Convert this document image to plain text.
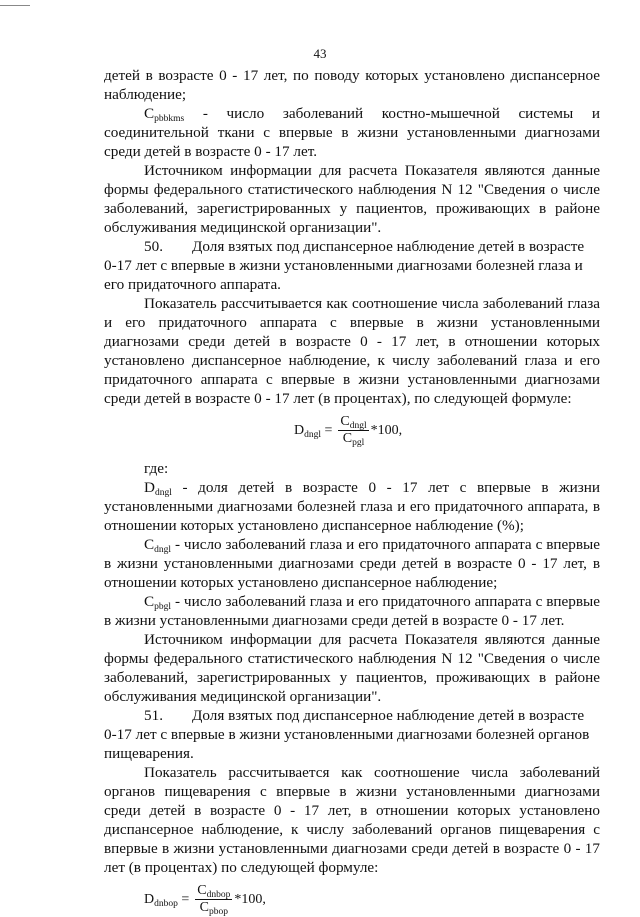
43

детей в возрасте 0 - 17 лет, по поводу которых установлено диспансерное наблюдение;

$C_{pbbkms}$ - число заболеваний костно-мышечной системы и соединительной ткани с впервые в жизни установленными диагнозами среди детей в возрасте 0 - 17 лет.

Источником информации для расчета Показателя являются данные формы федерального статистического наблюдения N 12 "Сведения о числе заболеваний, зарегистрированных у пациентов, проживающих в районе обслуживания медицинской организации".

50. Доля взятых под диспансерное наблюдение детей в возрасте 0-17 лет с впервые в жизни установленными диагнозами болезней глаза и его придаточного аппарата.

Показатель рассчитывается как соотношение числа заболеваний глаза и его придаточного аппарата с впервые в жизни установленными диагнозами среди детей в возрасте 0 - 17 лет, в отношении которых установлено диспансерное наблюдение, к числу заболеваний глаза и его придаточного аппарата с впервые в жизни установленными диагнозами среди детей в возрасте 0 - 17 лет (в процентах), по следующей формуле:

$D_{dngl} = \frac{C_{dngl}}{C_{pgl}} *100$,

где:

$D_{dngl}$ - доля детей в возрасте 0 - 17 лет с впервые в жизни установленными диагнозами болезней глаза и его придаточного аппарата, в отношении которых установлено диспансерное наблюдение (%);

$C_{dngl}$ - число заболеваний глаза и его придаточного аппарата с впервые в жизни установленными диагнозами среди детей в возрасте 0 - 17 лет, в отношении которых установлено диспансерное наблюдение;

$C_{pbgl}$ - число заболеваний глаза и его придаточного аппарата с впервые в жизни установленными диагнозами среди детей в возрасте 0 - 17 лет.

Источником информации для расчета Показателя являются данные формы федерального статистического наблюдения N 12 "Сведения о числе заболеваний, зарегистрированных у пациентов, проживающих в районе обслуживания медицинской организации".

51. Доля взятых под диспансерное наблюдение детей в возрасте 0-17 лет с впервые в жизни установленными диагнозами болезней органов пищеварения.

Показатель рассчитывается как соотношение числа заболеваний органов пищеварения с впервые в жизни установленными диагнозами среди детей в возрасте 0 - 17 лет, в отношении которых установлено диспансерное наблюдение, к числу заболеваний органов пищеварения с впервые в жизни установленными диагнозами среди детей в возрасте 0 - 17 лет (в процентах) по следующей формуле:

$D_{dnbop} = \frac{C_{dnbop}}{C_{pbop}} *100$,
